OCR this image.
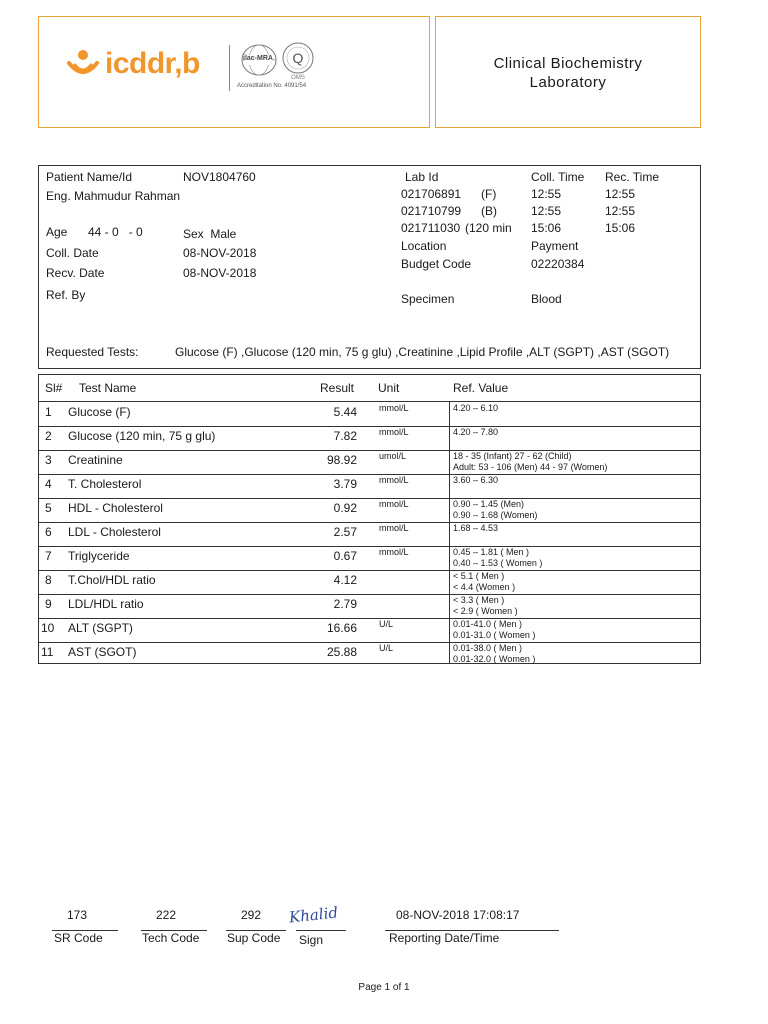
icddr,b	ilac-MRA Q
OMS
Accreditation No. 4091/54
Clinical Biochemistry
Laboratory
Patient Name/Id	NOV1804760
Eng. Mahmudur Rahman
Age 44 - 0   - 0	Sex  Male
Coll. Date	08-NOV-2018
Recv. Date	08-NOV-2018
Ref. By
Lab Id	Coll. Time Rec. Time
021706891 (F)	12:55	12:55
021710799 (B)	12:55	12:55
021711030 (120 min 15:06	15:06
Location	Payment
Budget Code	02220384
Specimen	Blood
Requested Tests:	Glucose (F) ,Glucose (120 min, 75 g glu) ,Creatinine ,Lipid Profile ,ALT (SGPT) ,AST (SGOT)
Sl# Test Name	Result Unit	Ref. Value
1 Glucose (F)	5.44 mmol/L	4.20 – 6.10
2 Glucose (120 min, 75 g glu)	7.82 mmol/L	4.20 – 7.80
3 Creatinine	98.92 umol/L	18 - 35 (Infant) 27 - 62 (Child)
Adult: 53 - 106 (Men) 44 - 97 (Women)
4 T. Cholesterol	3.79 mmol/L	3.60 – 6.30
5 HDL - Cholesterol	0.92 mmol/L	0.90 – 1.45 (Men)
0.90 – 1.68 (Women)
6 LDL - Cholesterol	2.57 mmol/L	1.68 – 4.53
7 Triglyceride	0.67 mmol/L	0.45 – 1.81 ( Men )
0.40 – 1.53 ( Women )
8 T.Chol/HDL ratio	4.12	< 5.1 ( Men )
< 4.4 (Women )
9 LDL/HDL ratio	2.79	< 3.3 ( Men )
< 2.9 ( Women )
10 ALT (SGPT)	16.66 U/L	0.01-41.0 ( Men )
0.01-31.0 ( Women )
11 AST (SGOT)	25.88 U/L	0.01-38.0 ( Men )
0.01-32.0 ( Women )
173	222	292 Khalid	08-NOV-2018 17:08:17
SR Code	Tech Code Sup Code Sign	Reporting Date/Time
Page 1 of 1
